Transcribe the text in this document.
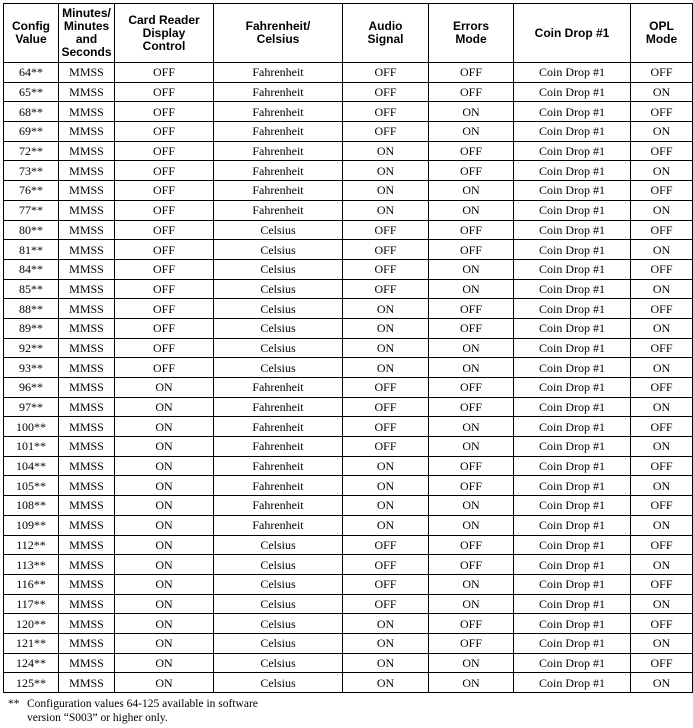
Config
Value	Minutes/
Minutes
and
Seconds	Card Reader
Display
Control	Fahrenheit/
Celsius	Audio
Signal	Errors
Mode	Coin Drop #1	OPL
Mode

64**	MMSS	OFF	Fahrenheit	OFF	OFF	Coin Drop #1	OFF
65**	MMSS	OFF	Fahrenheit	OFF	OFF	Coin Drop #1	ON
68**	MMSS	OFF	Fahrenheit	OFF	ON	Coin Drop #1	OFF
69**	MMSS	OFF	Fahrenheit	OFF	ON	Coin Drop #1	ON
72**	MMSS	OFF	Fahrenheit	ON	OFF	Coin Drop #1	OFF
73**	MMSS	OFF	Fahrenheit	ON	OFF	Coin Drop #1	ON
76**	MMSS	OFF	Fahrenheit	ON	ON	Coin Drop #1	OFF
77**	MMSS	OFF	Fahrenheit	ON	ON	Coin Drop #1	ON
80**	MMSS	OFF	Celsius	OFF	OFF	Coin Drop #1	OFF
81**	MMSS	OFF	Celsius	OFF	OFF	Coin Drop #1	ON
84**	MMSS	OFF	Celsius	OFF	ON	Coin Drop #1	OFF
85**	MMSS	OFF	Celsius	OFF	ON	Coin Drop #1	ON
88**	MMSS	OFF	Celsius	ON	OFF	Coin Drop #1	OFF
89**	MMSS	OFF	Celsius	ON	OFF	Coin Drop #1	ON
92**	MMSS	OFF	Celsius	ON	ON	Coin Drop #1	OFF
93**	MMSS	OFF	Celsius	ON	ON	Coin Drop #1	ON
96**	MMSS	ON	Fahrenheit	OFF	OFF	Coin Drop #1	OFF
97**	MMSS	ON	Fahrenheit	OFF	OFF	Coin Drop #1	ON
100**	MMSS	ON	Fahrenheit	OFF	ON	Coin Drop #1	OFF
101**	MMSS	ON	Fahrenheit	OFF	ON	Coin Drop #1	ON
104**	MMSS	ON	Fahrenheit	ON	OFF	Coin Drop #1	OFF
105**	MMSS	ON	Fahrenheit	ON	OFF	Coin Drop #1	ON
108**	MMSS	ON	Fahrenheit	ON	ON	Coin Drop #1	OFF
109**	MMSS	ON	Fahrenheit	ON	ON	Coin Drop #1	ON
112**	MMSS	ON	Celsius	OFF	OFF	Coin Drop #1	OFF
113**	MMSS	ON	Celsius	OFF	OFF	Coin Drop #1	ON
116**	MMSS	ON	Celsius	OFF	ON	Coin Drop #1	OFF
117**	MMSS	ON	Celsius	OFF	ON	Coin Drop #1	ON
120**	MMSS	ON	Celsius	ON	OFF	Coin Drop #1	OFF
121**	MMSS	ON	Celsius	ON	OFF	Coin Drop #1	ON
124**	MMSS	ON	Celsius	ON	ON	Coin Drop #1	OFF
125**	MMSS	ON	Celsius	ON	ON	Coin Drop #1	ON
** Configuration values 64-125 available in software
version “S003” or higher only.
